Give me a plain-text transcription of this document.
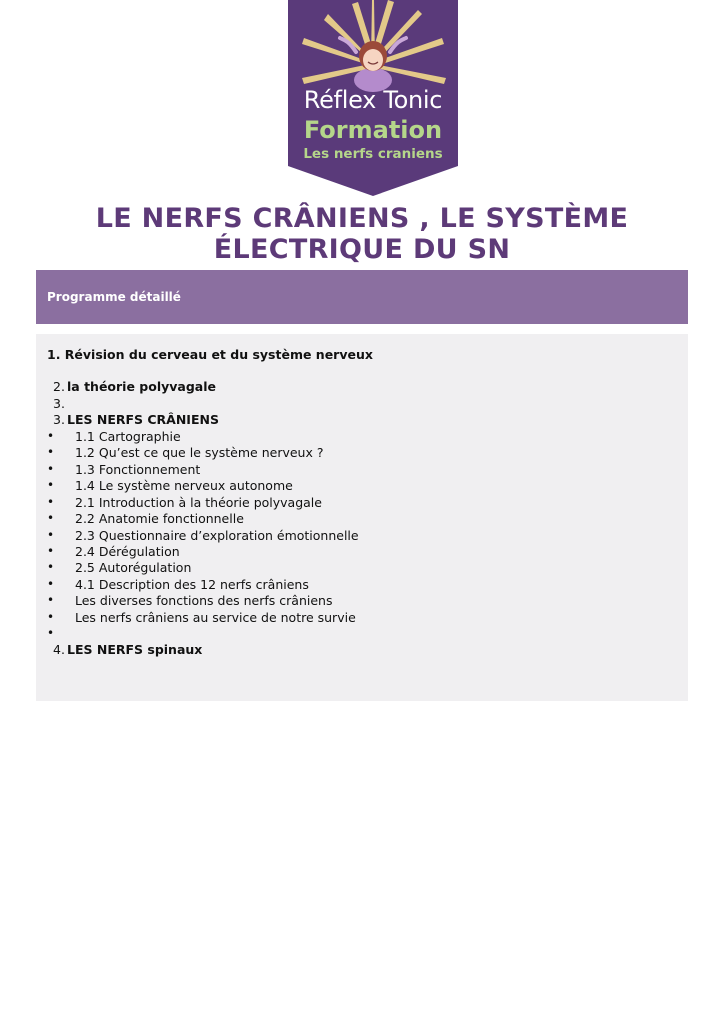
Réflex Tonic
Formation
Les nerfs craniens
LE NERFS CRÂNIENS , LE SYSTÈME ÉLECTRIQUE DU SN
Programme détaillé
1. Révision du cerveau et du système nerveux
2. la théorie polyvagale
3.
3. LES NERFS CRÂNIENS
• 1.1 Cartographie
• 1.2 Qu’est ce que le système nerveux ?
• 1.3 Fonctionnement
• 1.4 Le système nerveux autonome
• 2.1 Introduction à la théorie polyvagale
• 2.2 Anatomie fonctionnelle
• 2.3 Questionnaire d’exploration émotionnelle
• 2.4 Dérégulation
• 2.5 Autorégulation
• 4.1 Description des 12 nerfs crâniens
• Les diverses fonctions des nerfs crâniens
• Les nerfs crâniens au service de notre survie
•
4. LES NERFS spinaux
